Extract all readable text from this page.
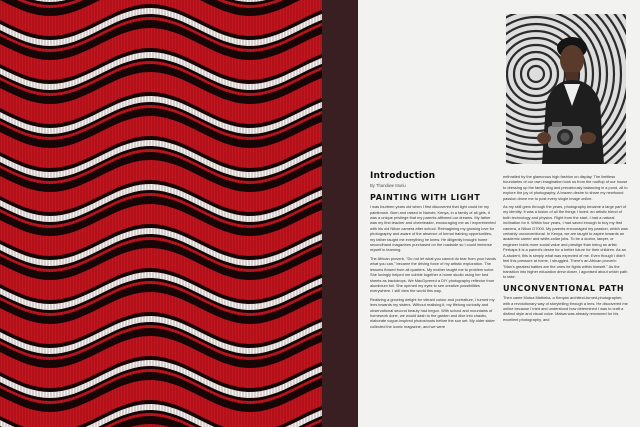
Introduction
By Thandiwe Muriu
PAINTING WITH LIGHT

I was fourteen years old when I first discovered that light could be my paintbrush. Born and raised in Nairobi, Kenya, in a family of all girls, it was a unique privilege that my parents affirmed our dreams. My father was my first teacher and cheerleader, encouraging me as I experimented with his old Nikon camera after school. Reimagining my growing love for photography and aware of the absence of formal training opportunities, my father taught me everything he knew. He diligently brought home secondhand magazines purchased on the roadside so I could immerse myself in learning.

The African proverb, "Do not let what you cannot do tear from your hands what you can," became the driving force of my artistic exploration. The lessons flowed from all quarters. My mother taught me to problem solve. She lovingly helped me cobble together a home studio using her bed sheets as backdrops. We MacGyvered a DIY photography reflector from aluminium foil. She opened my eyes to see creative possibilities everywhere. I still view the world this way.

Realizing a growing delight for vibrant colour and portraiture, I turned my lens towards my sisters. Without realising it, my lifelong curiosity and observational second beauty had begun. With school and mountains of homework done, we would dash to the garden and dive into chaotic, elaborate vogue-inspired photoshoots before the sun set. My older sister collected the iconic magazine, and we were

enthralled by the glamorous high fashion on display. The limitless boundaries of our own imagination took us from the rooftop of our house to dressing up the family dog and precariously balancing in a pond, all to explore the joy of photography. A brazen desire to share my newfound passion drove me to post every single image online.

As my skill grew through the years, photography became a large part of my identity. It was a fusion of all the things I loved: an artistic blend of both technology and physics. Right from the start, I had a natural inclination for it. Within four years, I had saved enough to buy my first camera, a Nikon D7000. My parents encouraged my passion, which was certainly unconventional. In Kenya, we are taught to aspire towards an academic career and white-collar jobs. To be a doctor, lawyer, or engineer holds more social value and prestige than being an artist. Perhaps it is a parent's desire for a better future for their children. As an A-student, this is simply what was expected of me. Even though I didn't feel this pressure at home, I struggled. There's an African proverb: "Man's greatest battles are the ones he fights within himself." As the transition into higher education drew closer, I agonised about which path to take.

UNCONVENTIONAL PATH

Then came Mutua Matheka, a Kenyan architect-turned-photographer, with a revolutionary way of storytelling through a lens. He discovered me online because I tried and understood how determined I was to craft a distinct style and visual voice. Matwa was already renowned for his excellent photography, and
